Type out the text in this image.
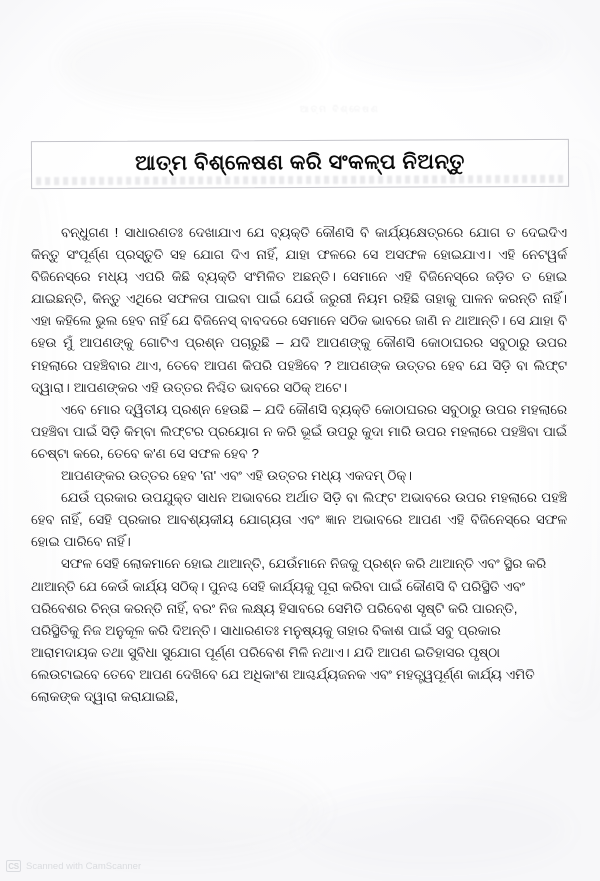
ଆତ୍ମ ବିଶ୍ଳେଷଣ
ଆତ୍ମ ବିଶ୍ଳେଷଣ କରି ସଂକଳ୍ପ ନିଅନ୍ତୁ

ବନ୍ଧୁଗଣ ! ସାଧାରଣତଃ ଦେଖାଯାଏ ଯେ ବ୍ୟକ୍ତି କୌଣସି ବି କାର୍ଯ୍ୟକ୍ଷେତ୍ରରେ ଯୋଗ ତ ଦେଇଦିଏ କିନ୍ତୁ ସଂପୂର୍ଣ୍ଣ ପ୍ରସ୍ତୁତି ସହ ଯୋଗ ଦିଏ ନାହିଁ, ଯାହା ଫଳରେ ସେ ଅସଫଳ ହୋଇଯାଏ। ଏହି ନେଟୱର୍କ ବିଜିନେସ୍‌ରେ ମଧ୍ୟ ଏପରି କିଛି ବ୍ୟକ୍ତି ସଂମିଳିତ ଅଛନ୍ତି। ସେମାନେ ଏହି ବିଜିନେସ୍‌ରେ ଜଡ଼ିତ ତ ହୋଇ ଯାଇଛନ୍ତି, କିନ୍ତୁ ଏଥିରେ ସଫଳତା ପାଇବା ପାଇଁ ଯେଉଁ ଜରୁରୀ ନିୟମ ରହିଛି ତାହାକୁ ପାଳନ କରନ୍ତି ନାହିଁ। ଏହା କହିଲେ ଭୁଲ ହେବ ନାହିଁ ଯେ ବିଜିନେସ୍ ବାବଦରେ ସେମାନେ ସଠିକ ଭାବରେ ଜାଣି ନ ଥାଆନ୍ତି। ସେ ଯାହା ବି ହେଉ ମୁଁ ଆପଣଙ୍କୁ ଗୋଟିଏ ପ୍ରଶ୍ନ ପଚାରୁଛି – ଯଦି ଆପଣଙ୍କୁ କୌଣସି କୋଠାଘରର ସବୁଠାରୁ ଉପର ମହଲାରେ ପହଞ୍ଚିବାର ଥାଏ, ତେବେ ଆପଣ କିପରି ପହଞ୍ଚିବେ ? ଆପଣଙ୍କ ଉତ୍ତର ହେବ ଯେ ସିଡ଼ି ବା ଲିଫ୍ଟ ଦ୍ୱାରା। ଆପଣଙ୍କର ଏହି ଉତ୍ତର ନିଶ୍ଚିତ ଭାବରେ ସଠିକ୍ ଅଟେ।

ଏବେ ମୋର ଦ୍ୱିତୀୟ ପ୍ରଶ୍ନ ହେଉଛି – ଯଦି କୌଣସି ବ୍ୟକ୍ତି କୋଠାଘରର ସବୁଠାରୁ ଉପର ମହଲାରେ ପହଞ୍ଚିବା ପାଇଁ ସିଡ଼ି କିମ୍ବା ଲିଫ୍ଟର ପ୍ରୟୋଗ ନ କରି ଭୂଇଁ ଉପରୁ କୁଦା ମାରି ଉପର ମହଲାରେ ପହଞ୍ଚିବା ପାଇଁ ଚେଷ୍ଟା କରେ, ତେବେ କ'ଣ ସେ ସଫଳ ହେବ ?

ଆପଣଙ୍କର ଉତ୍ତର ହେବ 'ନା' ଏବଂ ଏହି ଉତ୍ତର ମଧ୍ୟ ଏକଦମ୍ ଠିକ୍।

ଯେଉଁ ପ୍ରକାର ଉପଯୁକ୍ତ ସାଧନ ଅଭାବରେ ଅର୍ଥାତ ସିଡ଼ି ବା ଲିଫ୍ଟ ଅଭାବରେ ଉପର ମହଲାରେ ପହଞ୍ଚି ହେବ ନାହିଁ, ସେହି ପ୍ରକାର ଆବଶ୍ୟକୀୟ ଯୋଗ୍ୟତା ଏବଂ ଜ୍ଞାନ ଅଭାବରେ ଆପଣ ଏହି ବିଜିନେସ୍‌ରେ ସଫଳ ହୋଇ ପାରିବେ ନାହିଁ।

ସଫଳ ସେହି ଲୋକମାନେ ହୋଇ ଥାଆନ୍ତି, ଯେଉଁମାନେ ନିଜକୁ ପ୍ରଶ୍ନ କରି ଥାଆନ୍ତି ଏବଂ ସ୍ଥିର କରି ଥାଆନ୍ତି ଯେ କେଉଁ କାର୍ଯ୍ୟ ସଠିକ୍। ପୁନଶ୍ଚ ସେହି କାର୍ଯ୍ୟକୁ ପୂରା କରିବା ପାଇଁ କୌଣସି ବି ପରିସ୍ଥିତି ଏବଂ ପରିବେଶର ଚିନ୍ତା କରନ୍ତି ନାହିଁ, ବରଂ ନିଜ ଲକ୍ଷ୍ୟ ହିସାବରେ ସେମିତି ପରିବେଶ ସୃଷ୍ଟି କରି ପାରନ୍ତି, ପରିସ୍ଥିତିକୁ ନିଜ ଅନୁକୂଳ କରି ଦିଅନ୍ତି। ସାଧାରଣତଃ ମନୁଷ୍ୟକୁ ତାହାର ବିକାଶ ପାଇଁ ସବୁ ପ୍ରକାର ଆରାମଦାୟକ ତଥା ସୁବିଧା ସୁଯୋଗ ପୂର୍ଣ୍ଣ ପରିବେଶ ମିଳି ନଥାଏ। ଯଦି ଆପଣ ଇତିହାସର ପୃଷ୍ଠା ଲେଉଟାଇବେ ତେବେ ଆପଣ ଦେଖିବେ ଯେ ଅଧିକାଂଶ ଆଶ୍ଚର୍ଯ୍ୟଜନକ ଏବଂ ମହତ୍ତ୍ୱପୂର୍ଣ୍ଣ କାର୍ଯ୍ୟ ଏମିତି ଲୋକଙ୍କ ଦ୍ୱାରା କରାଯାଇଛି,

CS Scanned with CamScanner
